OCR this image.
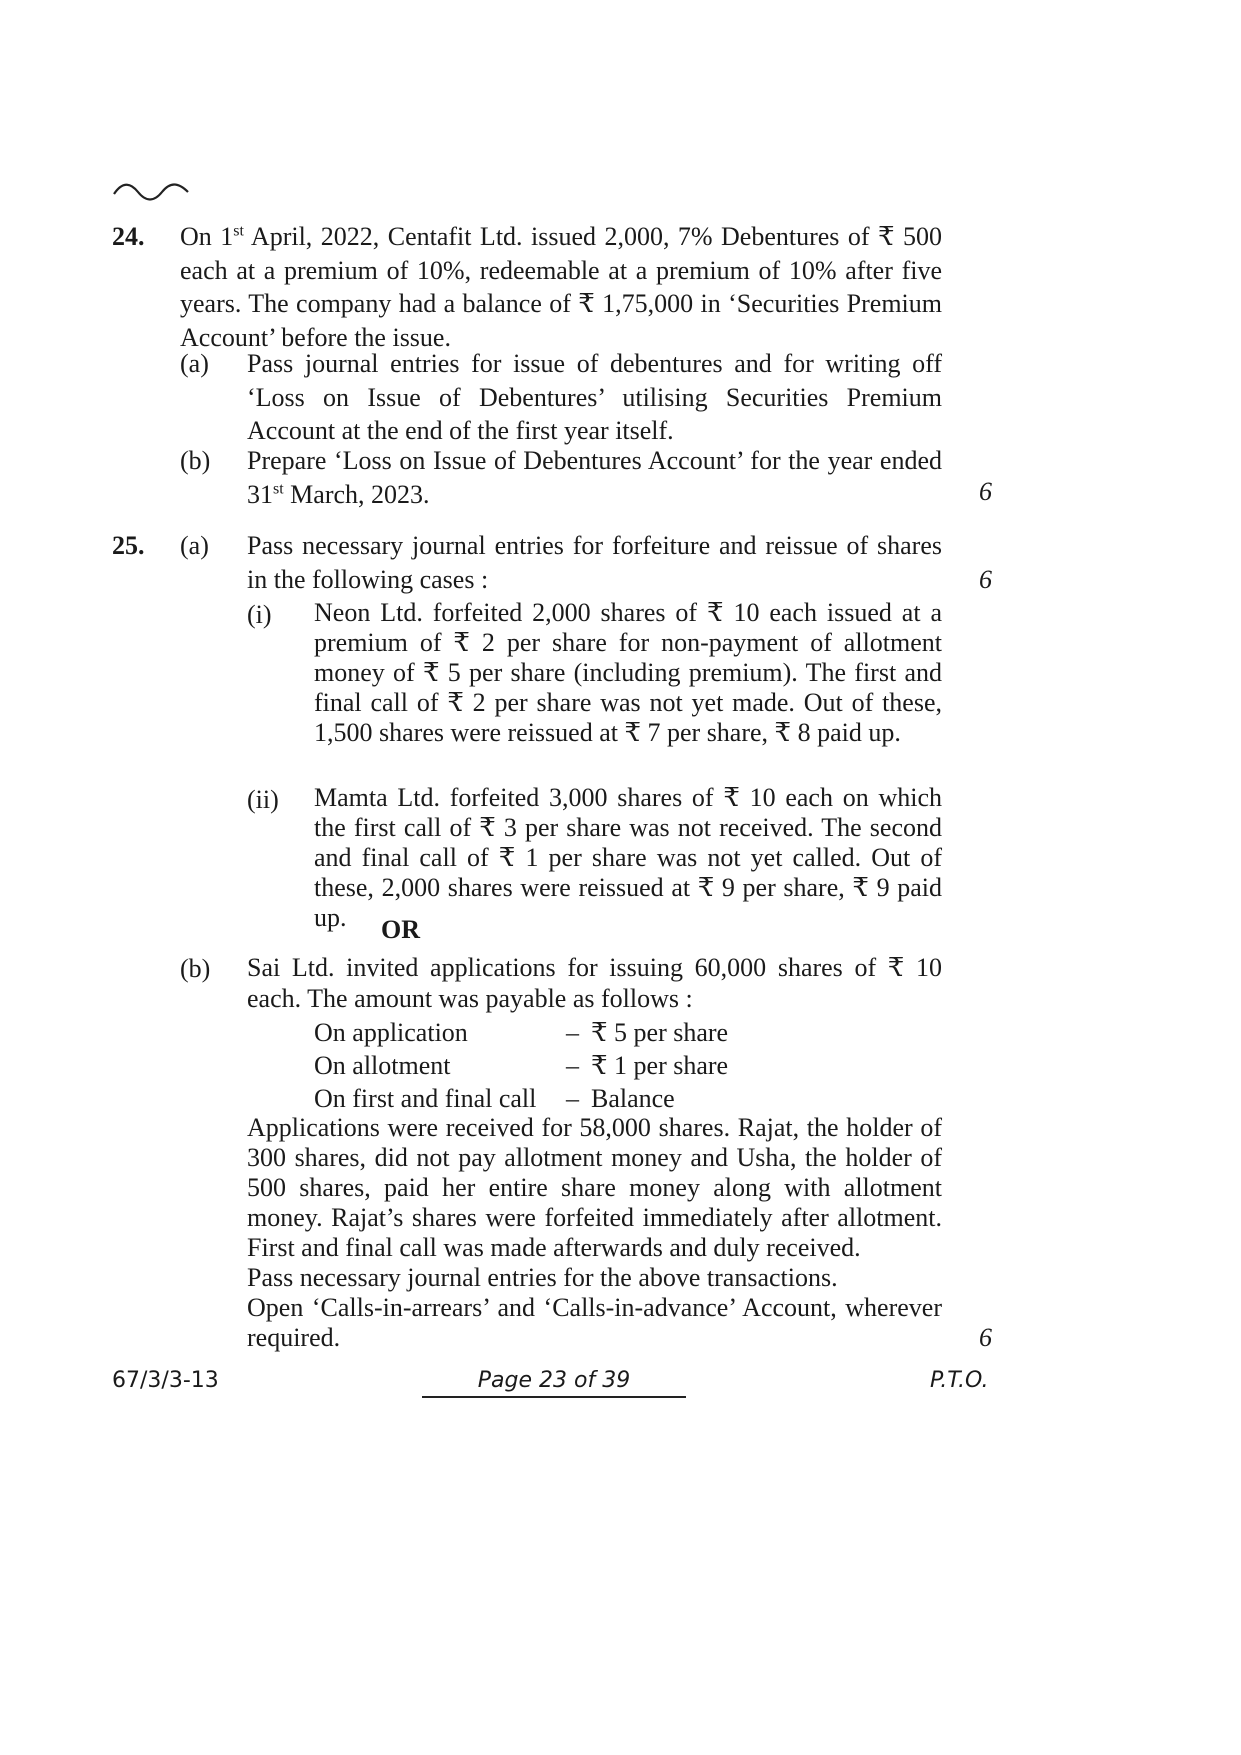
24. On 1st April, 2022, Centafit Ltd. issued 2,000, 7% Debentures of ₹ 500 each at a premium of 10%, redeemable at a premium of 10% after five years. The company had a balance of ₹ 1,75,000 in ‘Securities Premium Account’ before the issue.
(a) Pass journal entries for issue of debentures and for writing off ‘Loss on Issue of Debentures’ utilising Securities Premium Account at the end of the first year itself.
(b) Prepare ‘Loss on Issue of Debentures Account’ for the year ended 31st March, 2023.	6
25. (a) Pass necessary journal entries for forfeiture and reissue of shares in the following cases :	6
(i) Neon Ltd. forfeited 2,000 shares of ₹ 10 each issued at a premium of ₹ 2 per share for non-payment of allotment money of ₹ 5 per share (including premium). The first and final call of ₹ 2 per share was not yet made. Out of these, 1,500 shares were reissued at ₹ 7 per share, ₹ 8 paid up.
(ii) Mamta Ltd. forfeited 3,000 shares of ₹ 10 each on which the first call of ₹ 3 per share was not received. The second and final call of ₹ 1 per share was not yet called. Out of these, 2,000 shares were reissued at ₹ 9 per share, ₹ 9 paid up.	OR
(b) Sai Ltd. invited applications for issuing 60,000 shares of ₹ 10 each. The amount was payable as follows :
On application	– ₹ 5 per share
On allotment	– ₹ 1 per share
On first and final call – Balance
Applications were received for 58,000 shares. Rajat, the holder of 300 shares, did not pay allotment money and Usha, the holder of 500 shares, paid her entire share money along with allotment money. Rajat’s shares were forfeited immediately after allotment. First and final call was made afterwards and duly received.
Pass necessary journal entries for the above transactions.
Open ‘Calls-in-arrears’ and ‘Calls-in-advance’ Account, wherever required.	6
67/3/3-13	Page 23 of 39	P.T.O.
